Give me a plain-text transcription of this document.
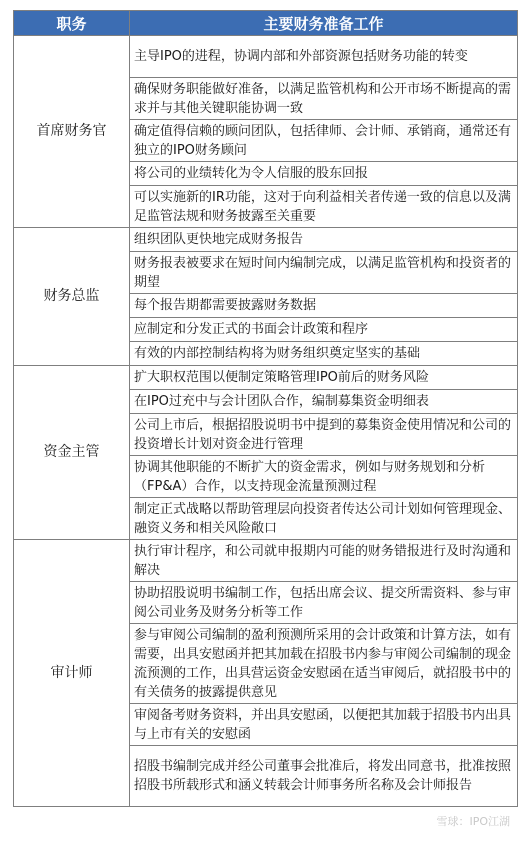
职务	主要财务准备工作
首席财务官	主导IPO的进程，协调内部和外部资源包括财务功能的转变
	确保财务职能做好准备，以满足监管机构和公开市场不断提高的需求并与其他关键职能协调一致
	确定值得信赖的顾问团队，包括律师、会计师、承销商，通常还有独立的IPO财务顾问
	将公司的业绩转化为令人信服的股东回报
	可以实施新的IR功能，这对于向利益相关者传递一致的信息以及满足监管法规和财务披露至关重要
财务总监	组织团队更快地完成财务报告
	财务报表被要求在短时间内编制完成，以满足监管机构和投资者的期望
	每个报告期都需要披露财务数据
	应制定和分发正式的书面会计政策和程序
	有效的内部控制结构将为财务组织奠定坚实的基础
资金主管	扩大职权范围以便制定策略管理IPO前后的财务风险
	在IPO过充中与会计团队合作，编制募集资金明细表
	公司上市后，根据招股说明书中提到的募集资金使用情况和公司的投资增长计划对资金进行管理
	协调其他职能的不断扩大的资金需求，例如与财务规划和分析（FP&A）合作，以支持现金流量预测过程
	制定正式战略以帮助管理层向投资者传达公司计划如何管理现金、融资义务和相关风险敞口
审计师	执行审计程序，和公司就申报期内可能的财务错报进行及时沟通和解决
	协助招股说明书编制工作，包括出席会议、提交所需资料、参与审阅公司业务及财务分析等工作
	参与审阅公司编制的盈利预测所采用的会计政策和计算方法，如有需要，出具安慰函并把其加载在招股书内参与审阅公司编制的现金流预测的工作，出具营运资金安慰函在适当审阅后，就招股书中的有关债务的披露提供意见
	审阅备考财务资料，并出具安慰函，以便把其加载于招股书内出具与上市有关的安慰函
	招股书编制完成并经公司董事会批准后，将发出同意书，批准按照招股书所载形式和涵义转载会计师事务所名称及会计师报告
雪球：IPO江湖
